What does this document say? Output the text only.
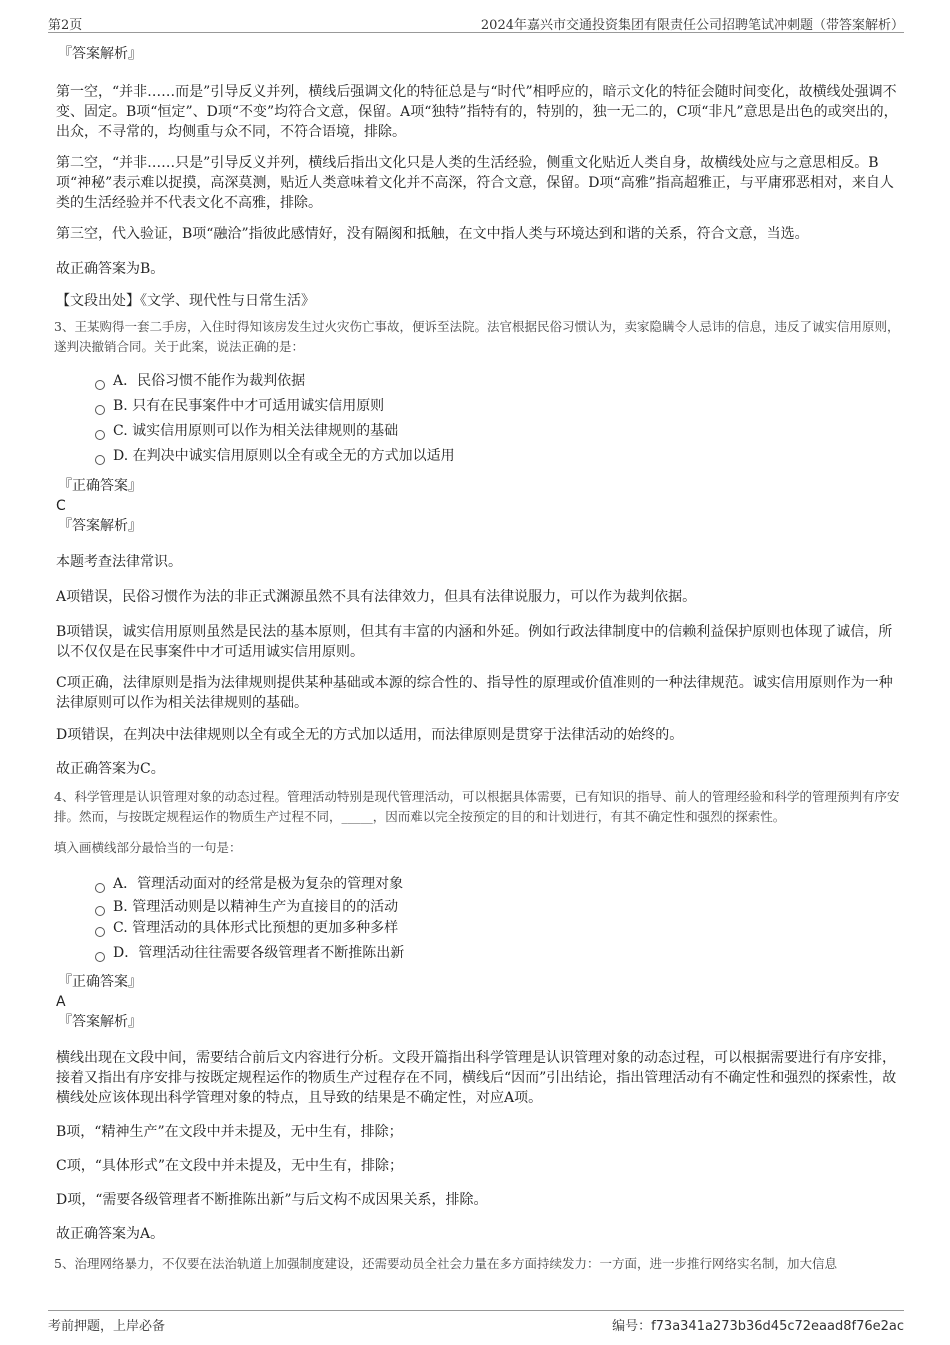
第2页	2024年嘉兴市交通投资集团有限责任公司招聘笔试冲刺题（带答案解析）
『答案解析』

第一空，“并非……而是”引导反义并列，横线后强调文化的特征总是与“时代”相呼应的，暗示文化的特征会随时间变化，故横线处强调不变、固定。B项“恒定”、D项“不变”均符合文意，保留。A项“独特”指特有的，特别的，独一无二的，C项“非凡”意思是出色的或突出的，出众，不寻常的，均侧重与众不同，不符合语境，排除。

第二空，“并非……只是”引导反义并列，横线后指出文化只是人类的生活经验，侧重文化贴近人类自身，故横线处应与之意思相反。B项“神秘”表示难以捉摸，高深莫测，贴近人类意味着文化并不高深，符合文意，保留。D项“高雅”指高超雅正，与平庸邪恶相对，来自人类的生活经验并不代表文化不高雅，排除。

第三空，代入验证，B项“融洽”指彼此感情好，没有隔阂和抵触，在文中指人类与环境达到和谐的关系，符合文意，当选。

故正确答案为B。

【文段出处】《文学、现代性与日常生活》

3、王某购得一套二手房，入住时得知该房发生过火灾伤亡事故，便诉至法院。法官根据民俗习惯认为，卖家隐瞒令人忌讳的信息，违反了诚实信用原则，遂判决撤销合同。关于此案，说法正确的是：
A．民俗习惯不能作为裁判依据
B. 只有在民事案件中才可适用诚实信用原则
C. 诚实信用原则可以作为相关法律规则的基础
D. 在判决中诚实信用原则以全有或全无的方式加以适用
『正确答案』
C
『答案解析』

本题考查法律常识。

A项错误，民俗习惯作为法的非正式渊源虽然不具有法律效力，但具有法律说服力，可以作为裁判依据。

B项错误，诚实信用原则虽然是民法的基本原则，但其有丰富的内涵和外延。例如行政法律制度中的信赖利益保护原则也体现了诚信，所以不仅仅是在民事案件中才可适用诚实信用原则。

C项正确，法律原则是指为法律规则提供某种基础或本源的综合性的、指导性的原理或价值准则的一种法律规范。诚实信用原则作为一种法律原则可以作为相关法律规则的基础。

D项错误，在判决中法律规则以全有或全无的方式加以适用，而法律原则是贯穿于法律活动的始终的。

故正确答案为C。

4、科学管理是认识管理对象的动态过程。管理活动特别是现代管理活动，可以根据具体需要，已有知识的指导、前人的管理经验和科学的管理预判有序安排。然而，与按既定规程运作的物质生产过程不同，_____，因而难以完全按预定的目的和计划进行，有其不确定性和强烈的探索性。
填入画横线部分最恰当的一句是：
A．管理活动面对的经常是极为复杂的管理对象
B. 管理活动则是以精神生产为直接目的的活动
C. 管理活动的具体形式比预想的更加多种多样
D．管理活动往往需要各级管理者不断推陈出新
『正确答案』
A
『答案解析』

横线出现在文段中间，需要结合前后文内容进行分析。文段开篇指出科学管理是认识管理对象的动态过程，可以根据需要进行有序安排，接着又指出有序安排与按既定规程运作的物质生产过程存在不同，横线后“因而”引出结论，指出管理活动有不确定性和强烈的探索性，故横线处应该体现出科学管理对象的特点，且导致的结果是不确定性，对应A项。

B项，“精神生产”在文段中并未提及，无中生有，排除；

C项，“具体形式”在文段中并未提及，无中生有，排除；

D项，“需要各级管理者不断推陈出新”与后文构不成因果关系，排除。

故正确答案为A。

5、治理网络暴力，不仅要在法治轨道上加强制度建设，还需要动员全社会力量在多方面持续发力：一方面，进一步推行网络实名制，加大信息
考前押题，上岸必备	编号：f73a341a273b36d45c72eaad8f76e2ac
